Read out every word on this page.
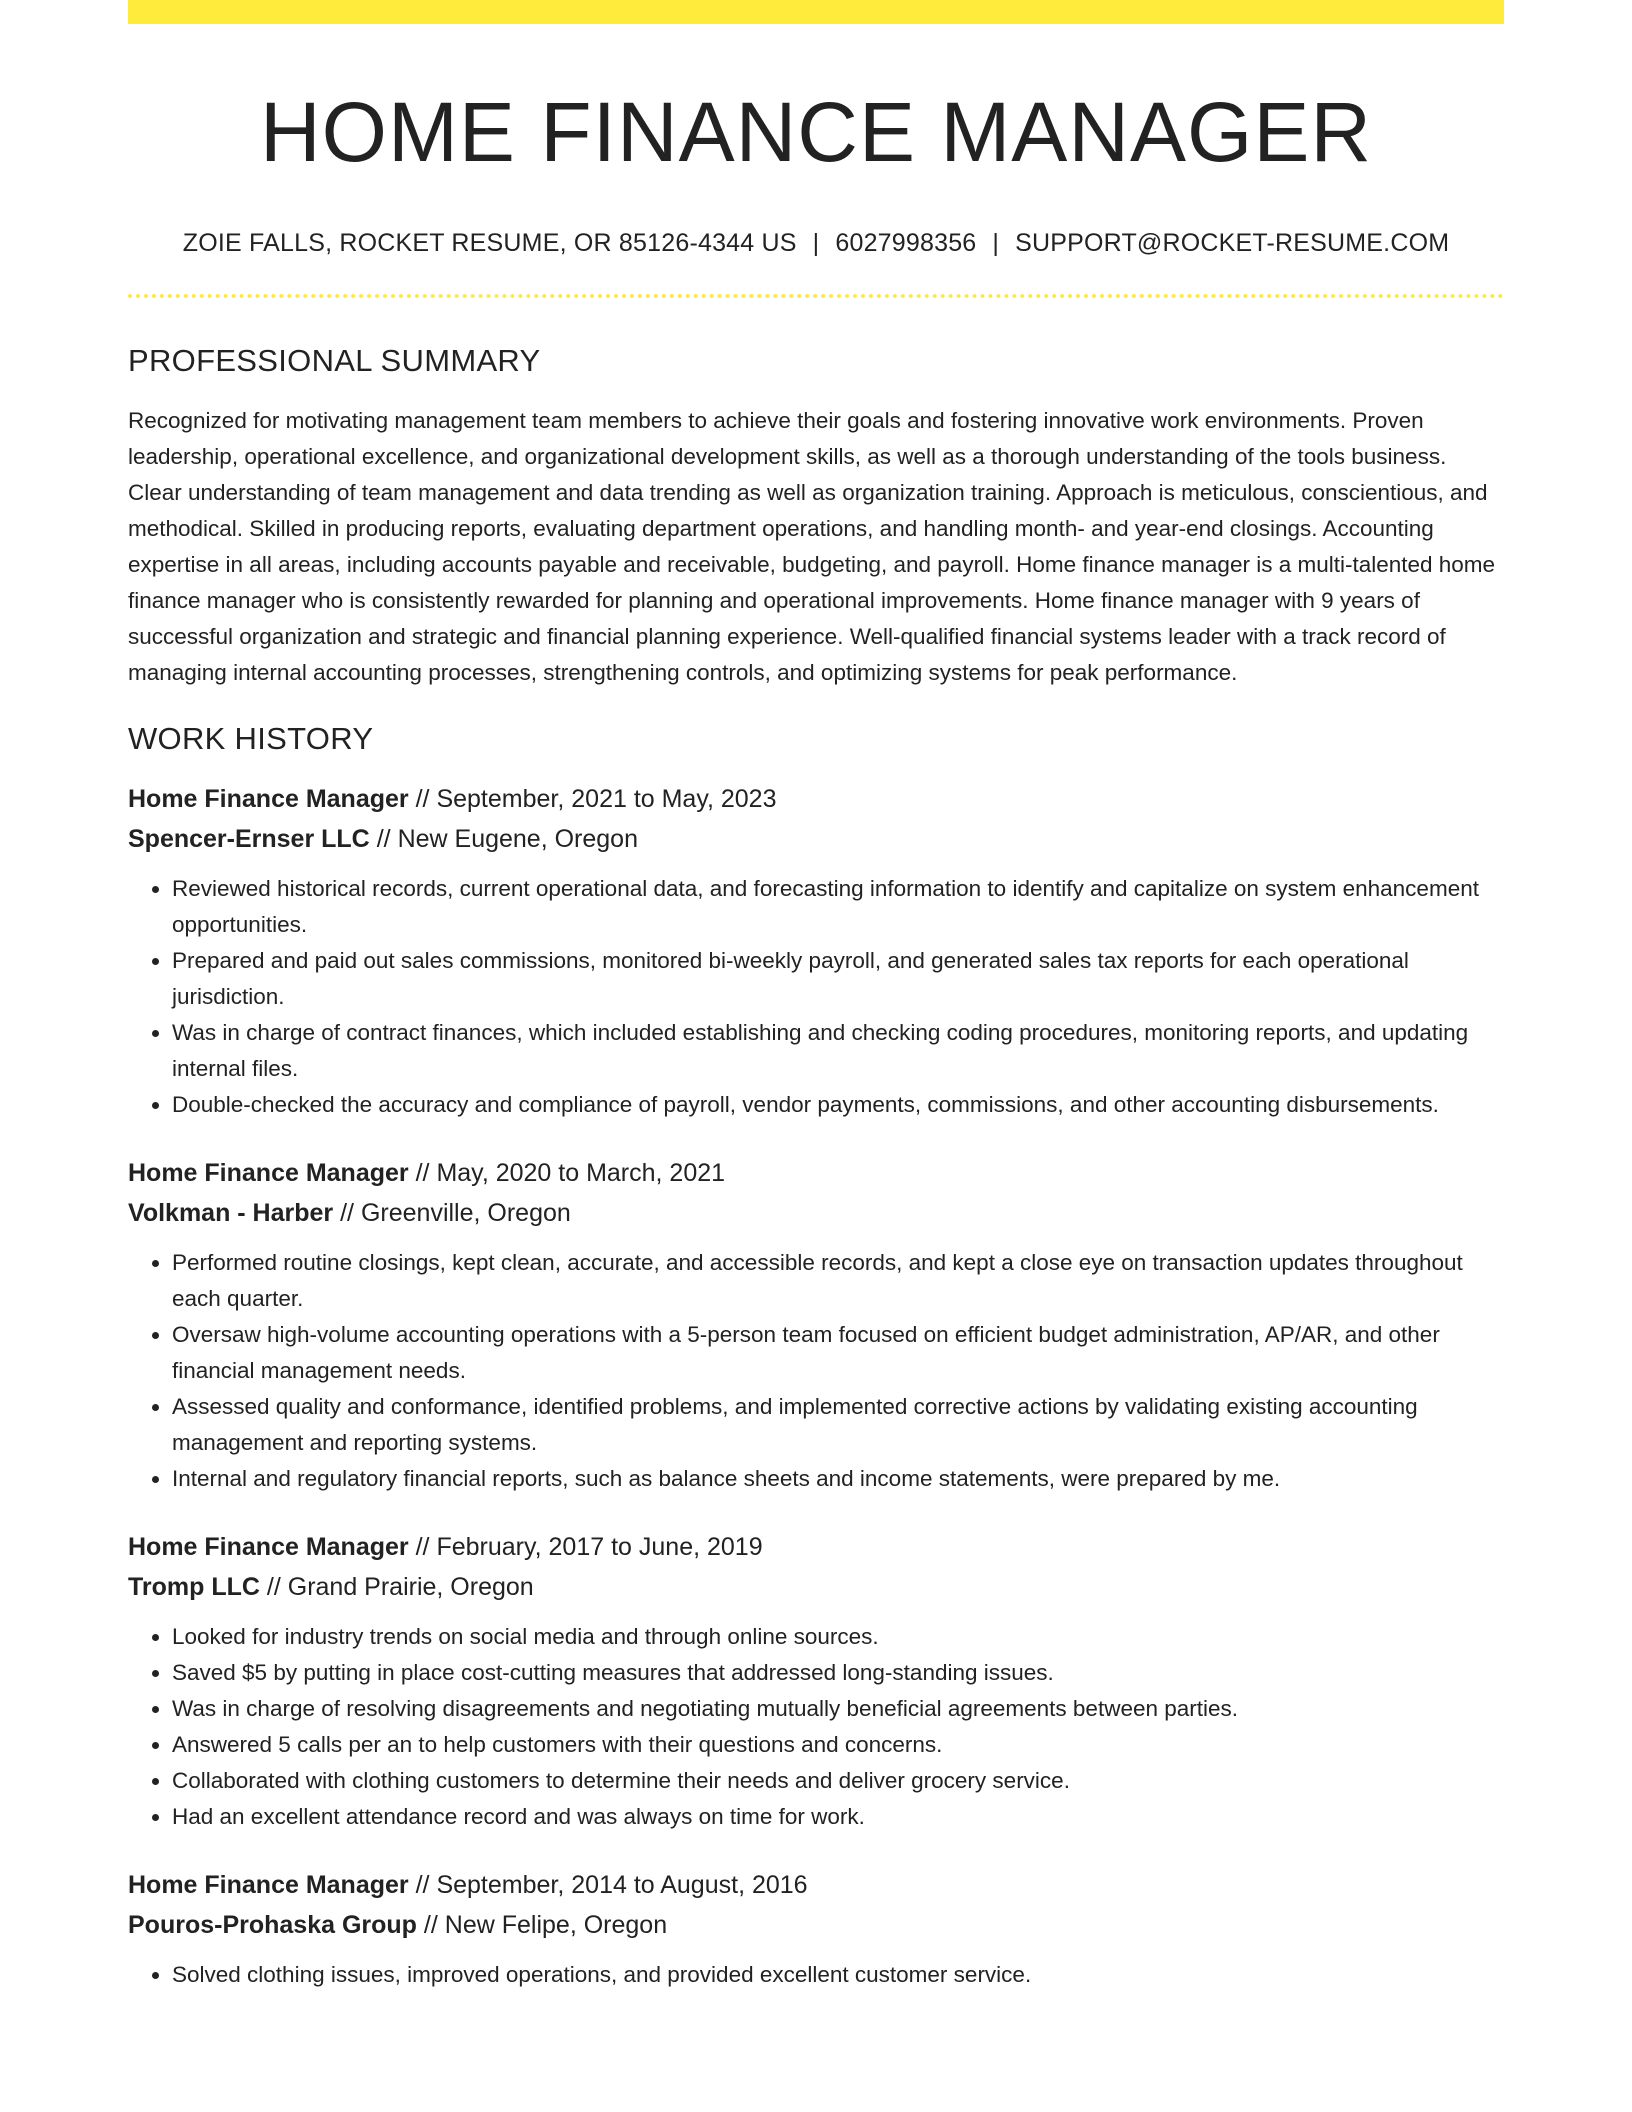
HOME FINANCE MANAGER
ZOIE FALLS, ROCKET RESUME, OR 85126-4344 US | 6027998356 | SUPPORT@ROCKET-RESUME.COM
PROFESSIONAL SUMMARY

Recognized for motivating management team members to achieve their goals and fostering innovative work environments. Proven leadership, operational excellence, and organizational development skills, as well as a thorough understanding of the tools business. Clear understanding of team management and data trending as well as organization training. Approach is meticulous, conscientious, and methodical. Skilled in producing reports, evaluating department operations, and handling month- and year-end closings. Accounting expertise in all areas, including accounts payable and receivable, budgeting, and payroll. Home finance manager is a multi-talented home finance manager who is consistently rewarded for planning and operational improvements. Home finance manager with 9 years of successful organization and strategic and financial planning experience. Well-qualified financial systems leader with a track record of managing internal accounting processes, strengthening controls, and optimizing systems for peak performance.

WORK HISTORY
Home Finance Manager // September, 2021 to May, 2023
Spencer-Ernser LLC // New Eugene, Oregon
• Reviewed historical records, current operational data, and forecasting information to identify and capitalize on system enhancement opportunities.
• Prepared and paid out sales commissions, monitored bi-weekly payroll, and generated sales tax reports for each operational jurisdiction.
• Was in charge of contract finances, which included establishing and checking coding procedures, monitoring reports, and updating internal files.
• Double-checked the accuracy and compliance of payroll, vendor payments, commissions, and other accounting disbursements.
Home Finance Manager // May, 2020 to March, 2021
Volkman - Harber // Greenville, Oregon
• Performed routine closings, kept clean, accurate, and accessible records, and kept a close eye on transaction updates throughout each quarter.
• Oversaw high-volume accounting operations with a 5-person team focused on efficient budget administration, AP/AR, and other financial management needs.
• Assessed quality and conformance, identified problems, and implemented corrective actions by validating existing accounting management and reporting systems.
• Internal and regulatory financial reports, such as balance sheets and income statements, were prepared by me.
Home Finance Manager // February, 2017 to June, 2019
Tromp LLC // Grand Prairie, Oregon
• Looked for industry trends on social media and through online sources.
• Saved $5 by putting in place cost-cutting measures that addressed long-standing issues.
• Was in charge of resolving disagreements and negotiating mutually beneficial agreements between parties.
• Answered 5 calls per an to help customers with their questions and concerns.
• Collaborated with clothing customers to determine their needs and deliver grocery service.
• Had an excellent attendance record and was always on time for work.
Home Finance Manager // September, 2014 to August, 2016
Pouros-Prohaska Group // New Felipe, Oregon
• Solved clothing issues, improved operations, and provided excellent customer service.
